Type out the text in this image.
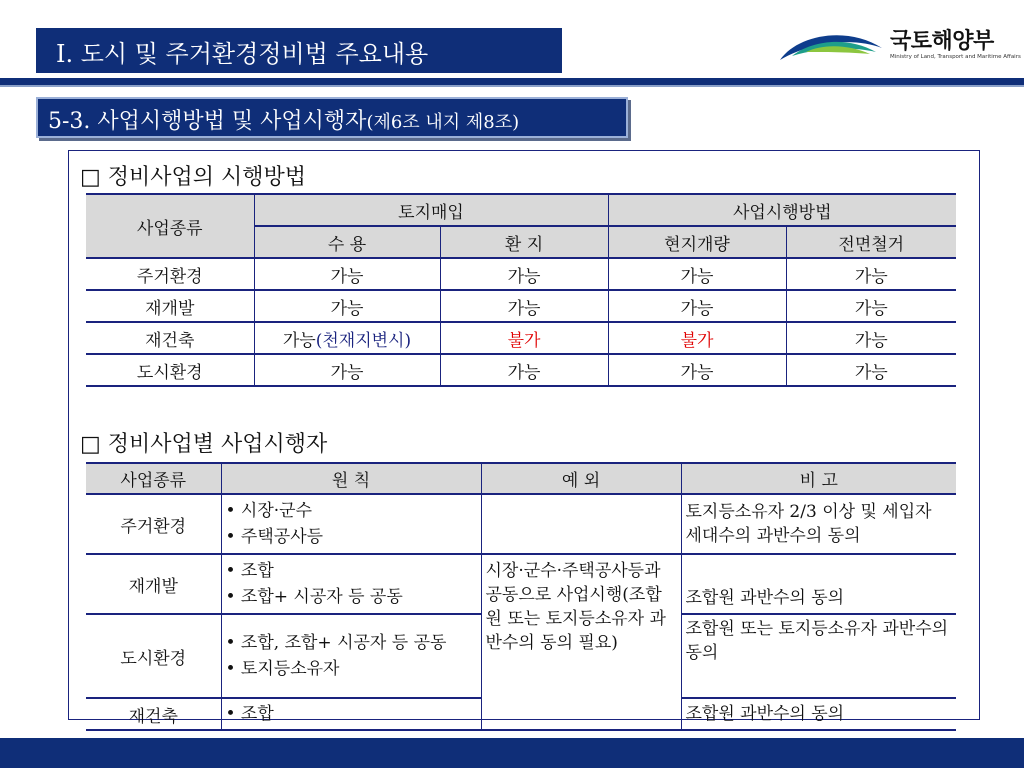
Ⅰ. 도시 및 주거환경정비법 주요내용	국토해양부
Ministry of Land, Transport and Maritime Affairs
5-3. 사업시행방법 및 사업시행자(제6조 내지 제8조)
□ 정비사업의 시행방법
사업종류	토지매입		사업시행방법	
	수 용	환 지	현지개량	전면철거
주거환경	가능	가능	가능	가능
재개발	가능	가능	가능	가능
재건축	가능(천재지변시)	불가	불가	가능
도시환경	가능	가능	가능	가능
□ 정비사업별 사업시행자
사업종류	원 칙	예 외	비 고
주거환경	• 시장·군수
• 주택공사등		토지등소유자 2/3 이상 및 세입자 세대수의 과반수의 동의
재개발	• 조합
• 조합+ 시공자 등 공동	시장·군수·주택공사등과 공동으로 사업시행(조합원 또는 토지등소유자 과반수의 동의 필요)	조합원 과반수의 동의
도시환경	• 조합, 조합+ 시공자 등 공동
• 토지등소유자		조합원 또는 토지등소유자 과반수의 동의
재건축	• 조합		조합원 과반수의 동의
